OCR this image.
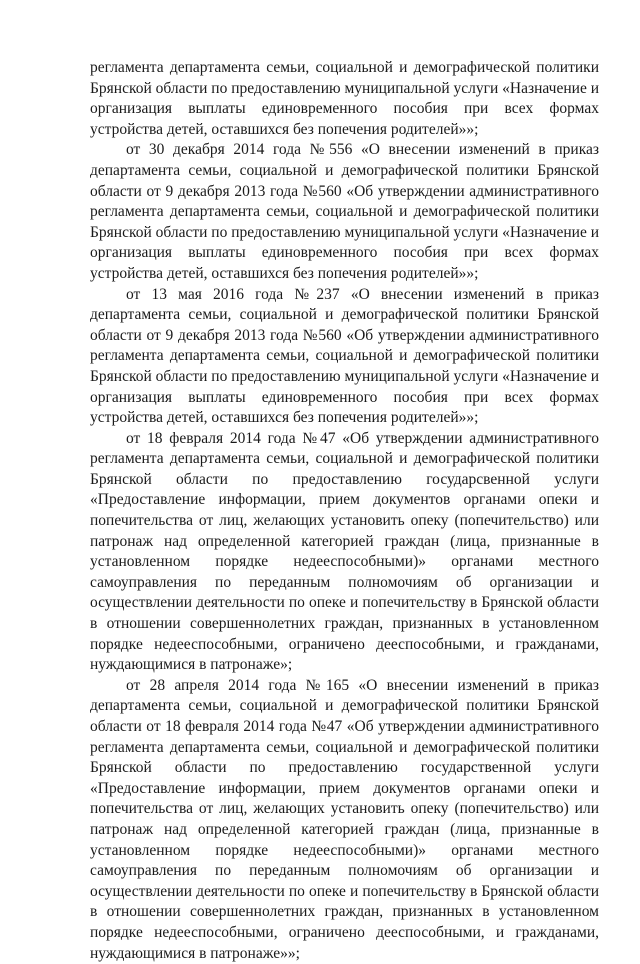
регламента департамента семьи, социальной и демографической политики Брянской области по предоставлению муниципальной услуги «Назначение и организация выплаты единовременного пособия при всех формах устройства детей, оставшихся без попечения родителей»»;

от 30 декабря 2014 года №556 «О внесении изменений в приказ департамента семьи, социальной и демографической политики Брянской области от 9 декабря 2013 года №560 «Об утверждении административного регламента департамента семьи, социальной и демографической политики Брянской области по предоставлению муниципальной услуги «Назначение и организация выплаты единовременного пособия при всех формах устройства детей, оставшихся без попечения родителей»»;

от 13 мая 2016 года №237 «О внесении изменений в приказ департамента семьи, социальной и демографической политики Брянской области от 9 декабря 2013 года №560 «Об утверждении административного регламента департамента семьи, социальной и демографической политики Брянской области по предоставлению муниципальной услуги «Назначение и организация выплаты единовременного пособия при всех формах устройства детей, оставшихся без попечения родителей»»;

от 18 февраля 2014 года №47 «Об утверждении административного регламента департамента семьи, социальной и демографической политики Брянской области по предоставлению государсвенной услуги «Предоставление информации, прием документов органами опеки и попечительства от лиц, желающих установить опеку (попечительство) или патронаж над определенной категорией граждан (лица, признанные в установленном порядке недееспособными)» органами местного самоуправления по переданным полномочиям об организации и осуществлении деятельности по опеке и попечительству в Брянской области в отношении совершеннолетних граждан, признанных в установленном порядке недееспособными, ограничено дееспособными, и гражданами, нуждающимися в патронаже»;

от 28 апреля 2014 года №165 «О внесении изменений в приказ департамента семьи, социальной и демографической политики Брянской области от 18 февраля 2014 года №47 «Об утверждении административного регламента департамента семьи, социальной и демографической политики Брянской области по предоставлению государственной услуги «Предоставление информации, прием документов органами опеки и попечительства от лиц, желающих установить опеку (попечительство) или патронаж над определенной категорией граждан (лица, признанные в установленном порядке недееспособными)» органами местного самоуправления по переданным полномочиям об организации и осуществлении деятельности по опеке и попечительству в Брянской области в отношении совершеннолетних граждан, признанных в установленном порядке недееспособными, ограничено дееспособными, и гражданами, нуждающимися в патронаже»»;
